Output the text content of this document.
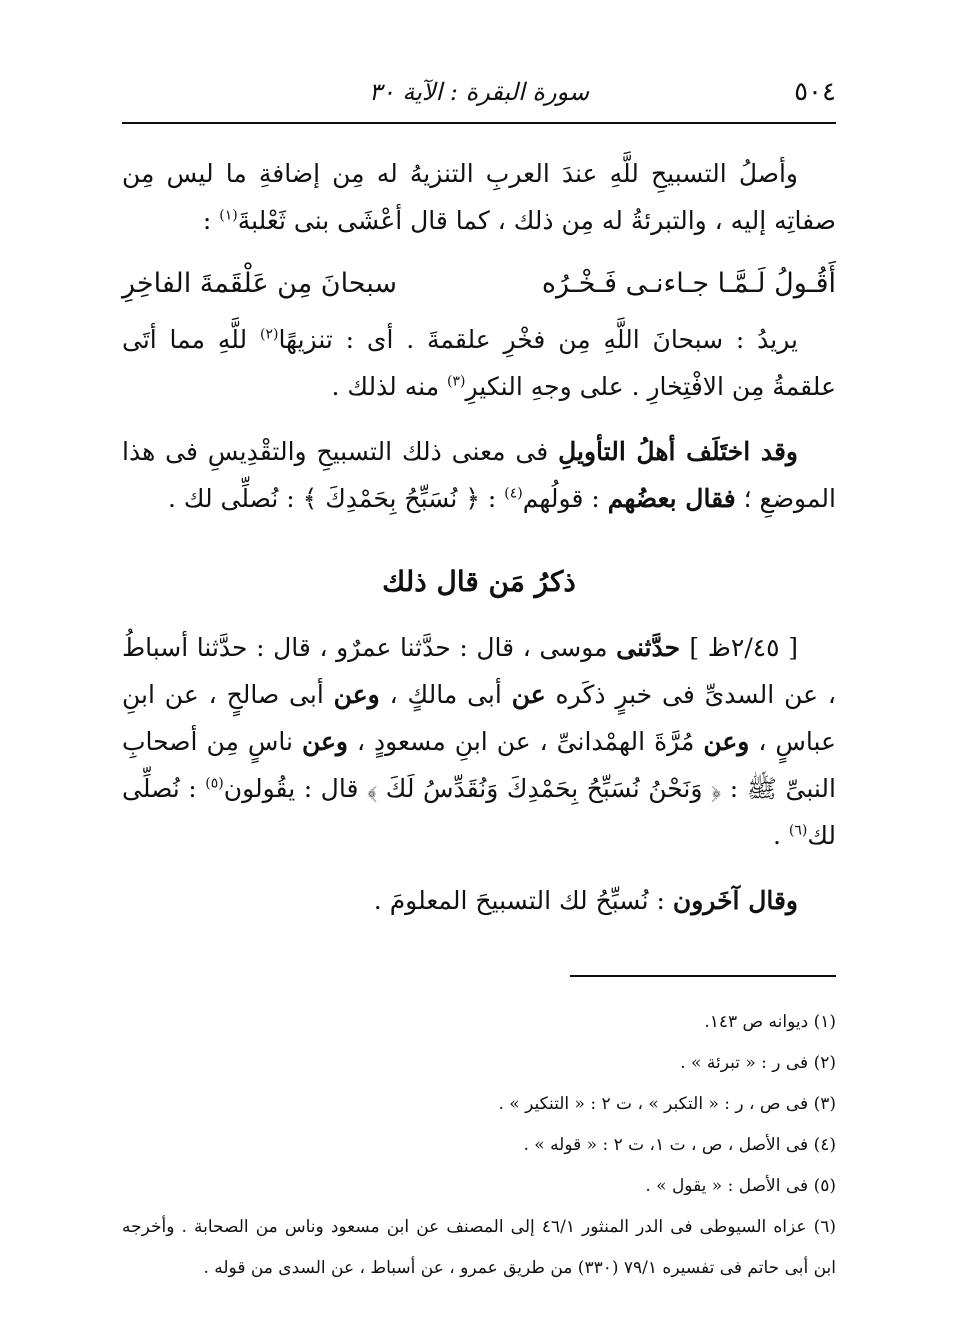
٥٠٤
سورة البقرة : الآية ٣٠

وأصلُ التسبيحِ للَّهِ عندَ العربِ التنزيهُ له مِن إضافةِ ما ليس مِن صفاتِه إليه ، والتبرئةُ له مِن ذلك ، كما قال أعْشَى بنى ثَعْلبةَ$^{(١)}$ :

أَقُـولُ لَـمَّـا جـاءنـى فَـخْـرُه
سبحانَ مِن عَلْقَمةَ الفاخِرِ

يريدُ : سبحانَ اللَّهِ مِن فخْرِ علقمةَ . أى : تنزيهًا$^{(٢)}$ للَّهِ مما أتَى علقمةُ مِن الافْتِخارِ . على وجهِ النكيرِ$^{(٣)}$ منه لذلك .

وقد اختَلَف أهلُ التأويلِ فى معنى ذلك التسبيحِ والتقْدِيسِ فى هذا الموضعِ ؛ فقال بعضُهم : قولُهم$^{(٤)}$ : ﴿ نُسَبِّحُ بِحَمْدِكَ ﴾ : نُصلِّى لك .

ذكرُ مَن قال ذلك

[ ٢/٤٥ظ ] حدَّثنى موسى ، قال : حدَّثنا عمرٌو ، قال : حدَّثنا أسباطُ ، عن السدىِّ فى خبرٍ ذكَره عن أبى مالكٍ ، وعن أبى صالحٍ ، عن ابنِ عباسٍ ، وعن مُرَّةَ الهمْدانىِّ ، عن ابنِ مسعودٍ ، وعن ناسٍ مِن أصحابِ النبىِّ ﷺ : ﴿ وَنَحْنُ نُسَبِّحُ بِحَمْدِكَ وَنُقَدِّسُ لَكَ ﴾ قال : يقُولون$^{(٥)}$ : نُصلِّى لك$^{(٦)}$ .

وقال آخَرون : نُسبِّحُ لك التسبيحَ المعلومَ .

(١) ديوانه ص ١٤٣.

(٢) فى ر : « تبرئة » .

(٣) فى ص ، ر : « التكبر » ، ت ٢ : « التنكير » .

(٤) فى الأصل ، ص ، ت ١، ت ٢ : « قوله » .

(٥) فى الأصل : « يقول » .

(٦) عزاه السيوطى فى الدر المنثور ٤٦/١ إلى المصنف عن ابن مسعود وناس من الصحابة . وأخرجه ابن أبى حاتم فى تفسيره ٧٩/١ (٣٣٠) من طريق عمرو ، عن أسباط ، عن السدى من قوله .
